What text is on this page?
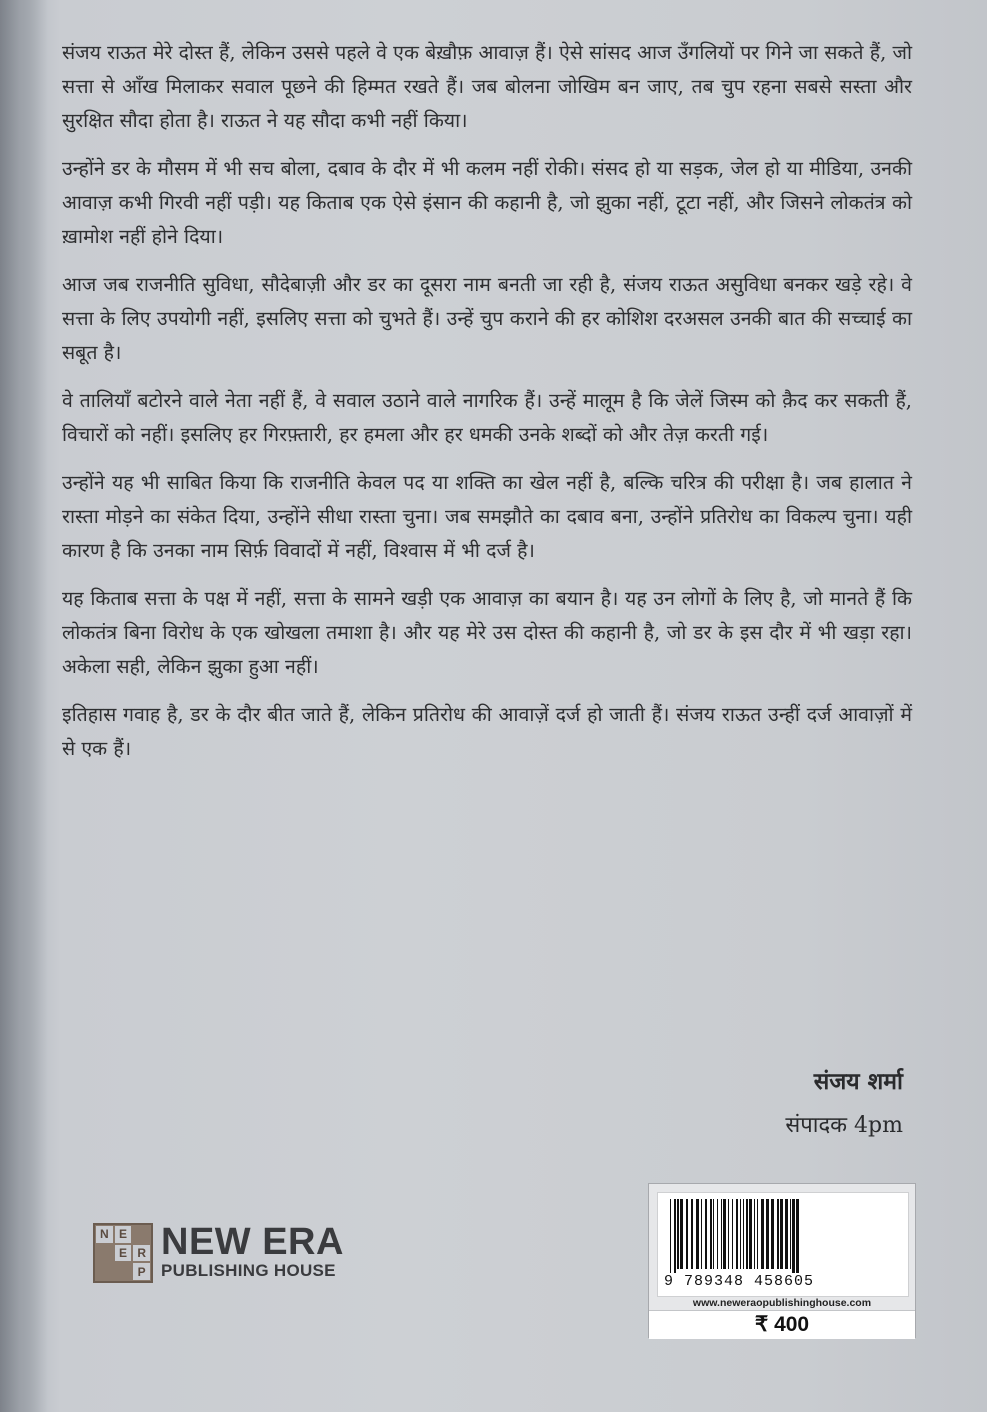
संजय राऊत मेरे दोस्त हैं, लेकिन उससे पहले वे एक बेख़ौफ़ आवाज़ हैं। ऐसे सांसद आज उँगलियों पर गिने जा सकते हैं, जो सत्ता से आँख मिलाकर सवाल पूछने की हिम्मत रखते हैं। जब बोलना जोखिम बन जाए, तब चुप रहना सबसे सस्ता और सुरक्षित सौदा होता है। राऊत ने यह सौदा कभी नहीं किया।

उन्होंने डर के मौसम में भी सच बोला, दबाव के दौर में भी कलम नहीं रोकी। संसद हो या सड़क, जेल हो या मीडिया, उनकी आवाज़ कभी गिरवी नहीं पड़ी। यह किताब एक ऐसे इंसान की कहानी है, जो झुका नहीं, टूटा नहीं, और जिसने लोकतंत्र को ख़ामोश नहीं होने दिया।

आज जब राजनीति सुविधा, सौदेबाज़ी और डर का दूसरा नाम बनती जा रही है, संजय राऊत असुविधा बनकर खड़े रहे। वे सत्ता के लिए उपयोगी नहीं, इसलिए सत्ता को चुभते हैं। उन्हें चुप कराने की हर कोशिश दरअसल उनकी बात की सच्चाई का सबूत है।

वे तालियाँ बटोरने वाले नेता नहीं हैं, वे सवाल उठाने वाले नागरिक हैं। उन्हें मालूम है कि जेलें जिस्म को क़ैद कर सकती हैं, विचारों को नहीं। इसलिए हर गिरफ़्तारी, हर हमला और हर धमकी उनके शब्दों को और तेज़ करती गई।

उन्होंने यह भी साबित किया कि राजनीति केवल पद या शक्ति का खेल नहीं है, बल्कि चरित्र की परीक्षा है। जब हालात ने रास्ता मोड़ने का संकेत दिया, उन्होंने सीधा रास्ता चुना। जब समझौते का दबाव बना, उन्होंने प्रतिरोध का विकल्प चुना। यही कारण है कि उनका नाम सिर्फ़ विवादों में नहीं, विश्वास में भी दर्ज है।

यह किताब सत्ता के पक्ष में नहीं, सत्ता के सामने खड़ी एक आवाज़ का बयान है। यह उन लोगों के लिए है, जो मानते हैं कि लोकतंत्र बिना विरोध के एक खोखला तमाशा है। और यह मेरे उस दोस्त की कहानी है, जो डर के इस दौर में भी खड़ा रहा। अकेला सही, लेकिन झुका हुआ नहीं।

इतिहास गवाह है, डर के दौर बीत जाते हैं, लेकिन प्रतिरोध की आवाज़ें दर्ज हो जाती हैं। संजय राऊत उन्हीं दर्ज आवाज़ों में से एक हैं।

संजय शर्मा
संपादक 4pm
N E
E R
P
NEW ERA
PUBLISHING HOUSE
9 789348 458605
www.neweraopublishinghouse.com
₹ 400
